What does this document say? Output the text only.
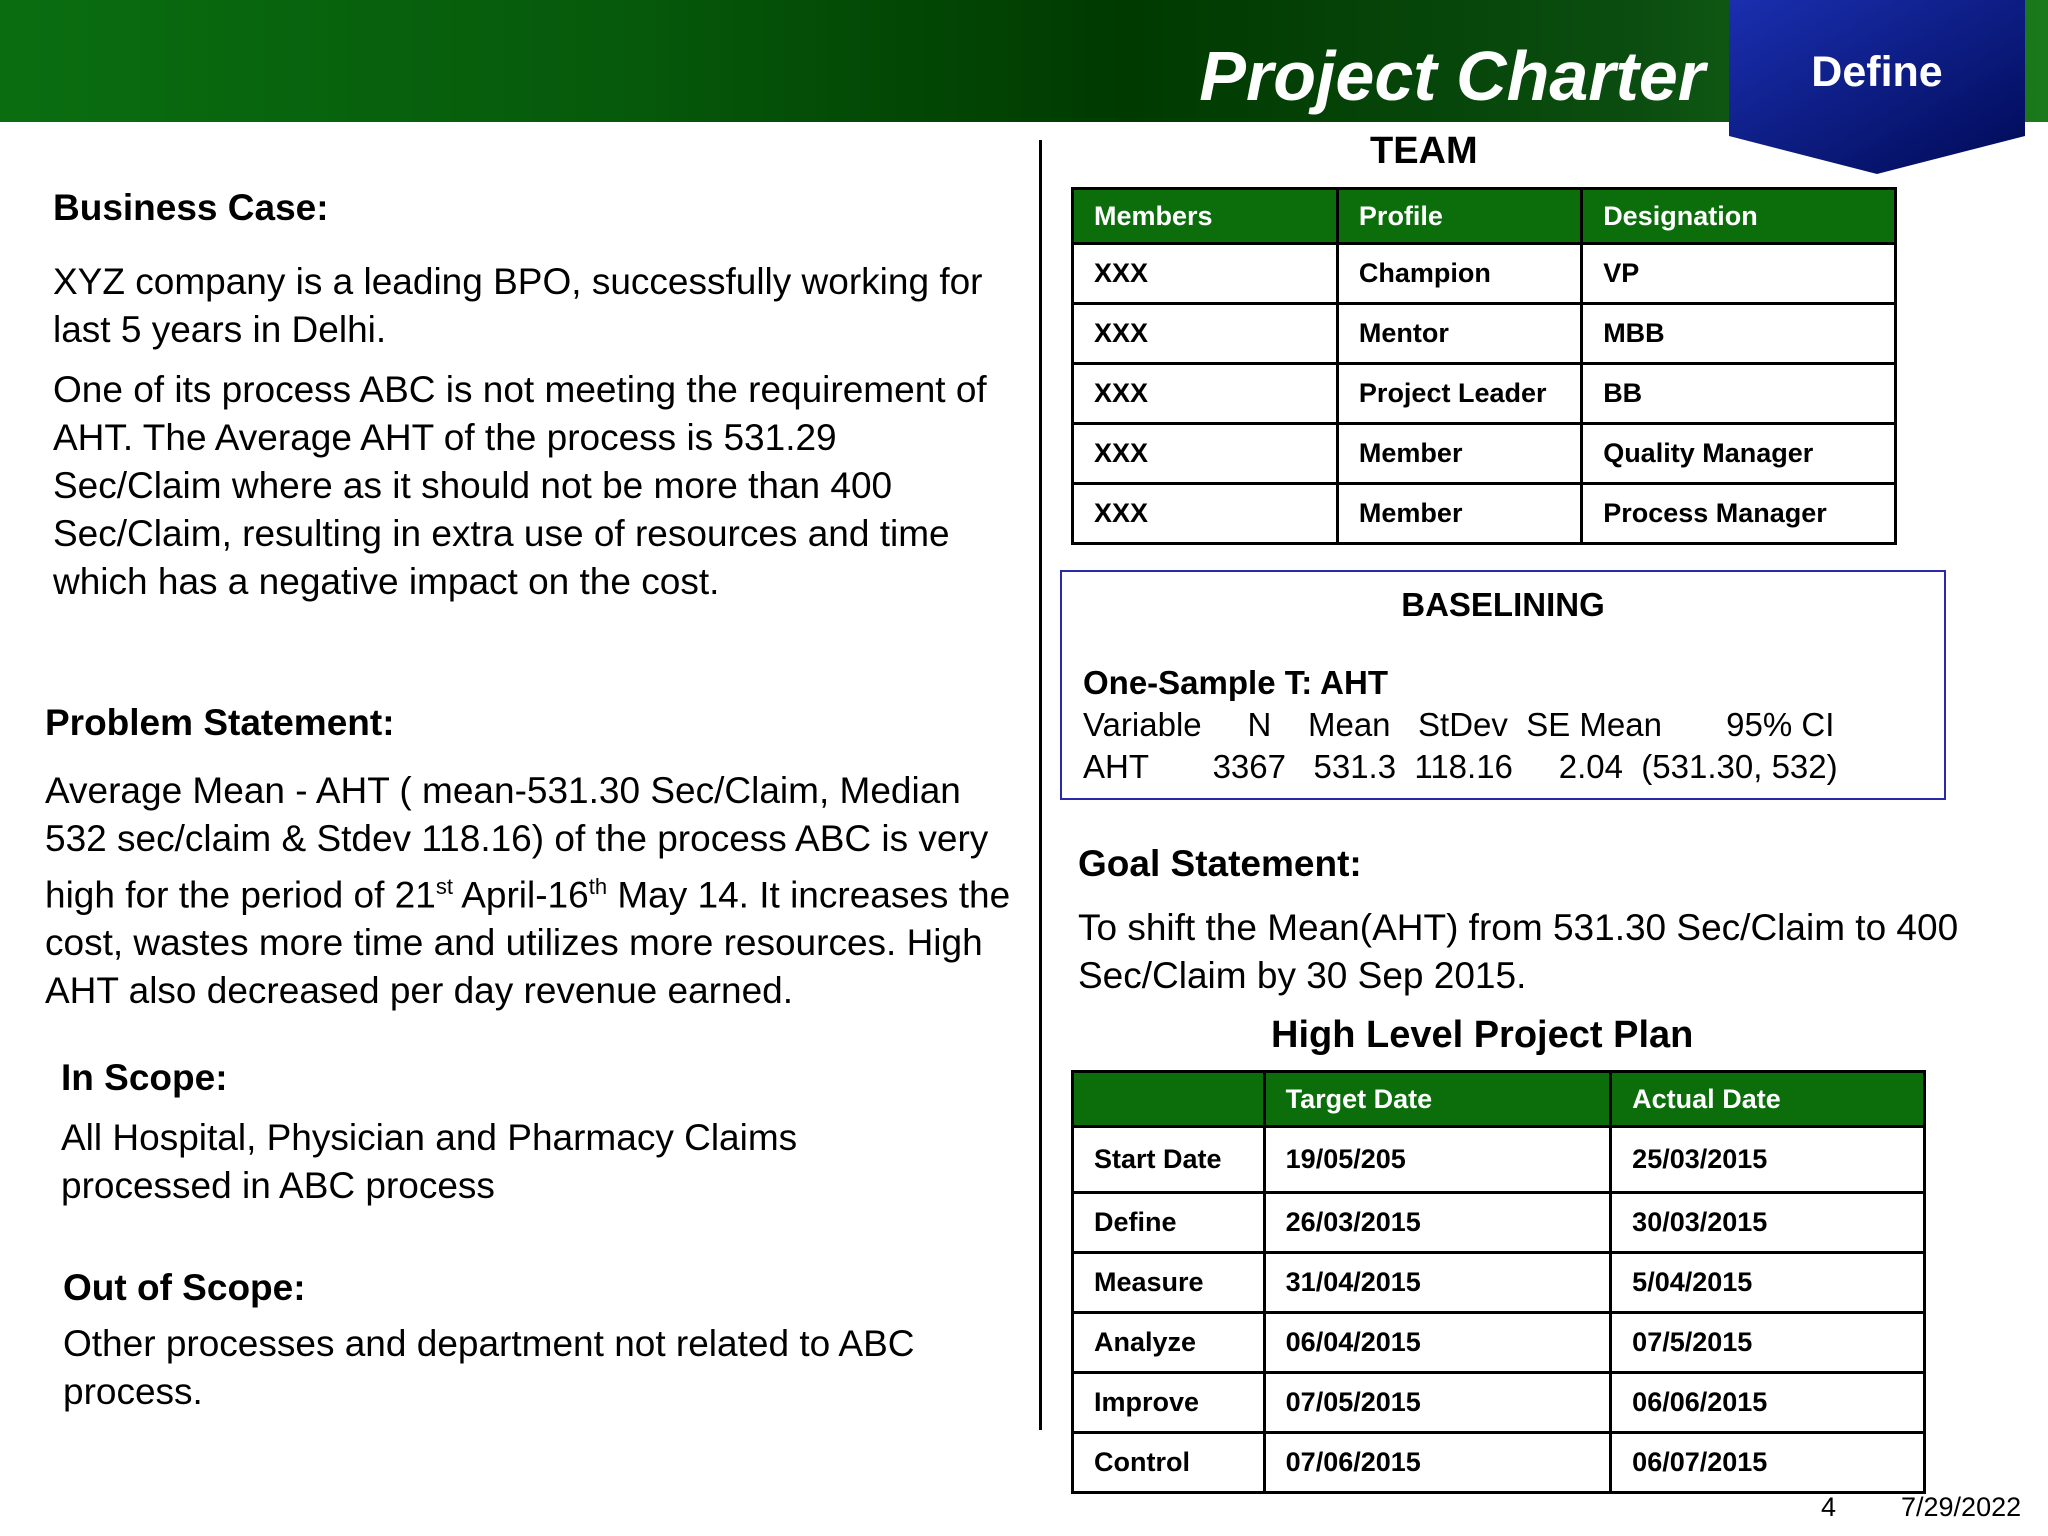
Project Charter	Define
Business Case:

XYZ company is a leading BPO, successfully working for last 5 years in Delhi.

One of its process ABC is not meeting the requirement of AHT. The Average AHT of the process is 531.29 Sec/Claim where as it should not be more than 400 Sec/Claim, resulting in extra use of resources and time which has a negative impact on the cost.

Problem Statement:
Average Mean - AHT ( mean-531.30 Sec/Claim, Median 532 sec/claim & Stdev 118.16) of the process ABC is very high for the period of 21st April-16th May 14. It increases the cost, wastes more time and utilizes more resources. High AHT also decreased per day revenue earned.
In Scope:
All Hospital, Physician and Pharmacy Claims processed in ABC process
Out of Scope:
Other processes and department not related to ABC process.
TEAM
Members	Profile	Designation
XXX	Champion	VP
XXX	Mentor	MBB
XXX	Project Leader	BB
XXX	Member	Quality Manager
XXX	Member	Process Manager
BASELINING
One-Sample T: AHT
Variable     N    Mean   StDev  SE Mean       95% CI
AHT       3367   531.3  118.16     2.04  (531.30, 532)
Goal Statement:
To shift the Mean(AHT) from 531.30 Sec/Claim to 400 Sec/Claim by 30 Sep 2015.
High Level Project Plan
	Target Date	Actual Date
Start Date	19/05/205	25/03/2015
Define	26/03/2015	30/03/2015
Measure	31/04/2015	5/04/2015
Analyze	06/04/2015	07/5/2015
Improve	07/05/2015	06/06/2015
Control	07/06/2015	06/07/2015
4 7/29/2022
